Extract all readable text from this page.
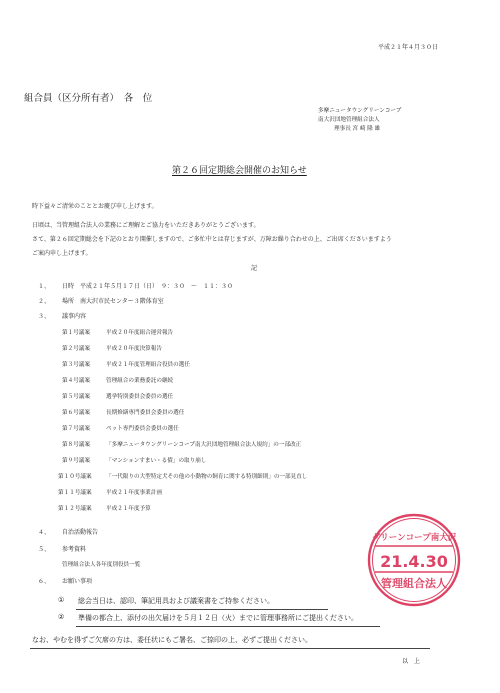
平成２１年４月３０日
組合員（区分所有者）　各　位
多摩ニュータウングリーンコープ
南大沢団地管理組合法人
理事長 宮 崎 隆 雄
第２６回定期総会開催のお知らせ
時下益々ご清栄のこととお慶び申し上げます。
日頃は、当管理組合法人の業務にご理解とご協力をいただきありがとうございます。
さて、第２６回定期総会を下記のとおり開催しますので、ご多忙中とは存じますが、万障お繰り合わせの上、ご出席くださいますよう
ご案内申し上げます。
記
１、 日時　平成２１年５月１７日（日）　９：３０　～　１１：３０
２、 場所　南大沢市民センター３階体育室
３、 議事内容
第１号議案	平成２０年度組合運営報告
第２号議案	平成２０年度決算報告
第３号議案	平成２１年度管理組合役員の選任
第４号議案	管理組合の業務委託の継続
第５号議案	選挙特別委員会委員の選任
第６号議案	長期修繕専門委員会委員の選任
第７号議案	ペット専門委員会委員の選任
第８号議案	「多摩ニュータウングリーンコープ南大沢団地管理組合法人規約」の一部改正
第９号議案	「マンションすまい・る債」の取り崩し
第１０号議案	「一代限りの大型特定犬その他の小動物の飼育に関する特別細則」の一部見直し
第１１号議案	平成２１年度事業計画
第１２号議案	平成２１年度予算
４、 自治活動報告
５、 参考資料
管理組合法人各年度別役員一覧
６、 お願い事項
① 総会当日は、認印、筆記用具および議案書をご持参ください。
② 準備の都合上、添付の出欠届けを５月１２日（火）までに管理事務所にご提出ください。
なお、やむを得ずご欠席の方は、委任状にもご署名、ご捺印の上、必ずご提出ください。
以　上
グリーンコープ南大沢
21.4.30
管理組合法人
